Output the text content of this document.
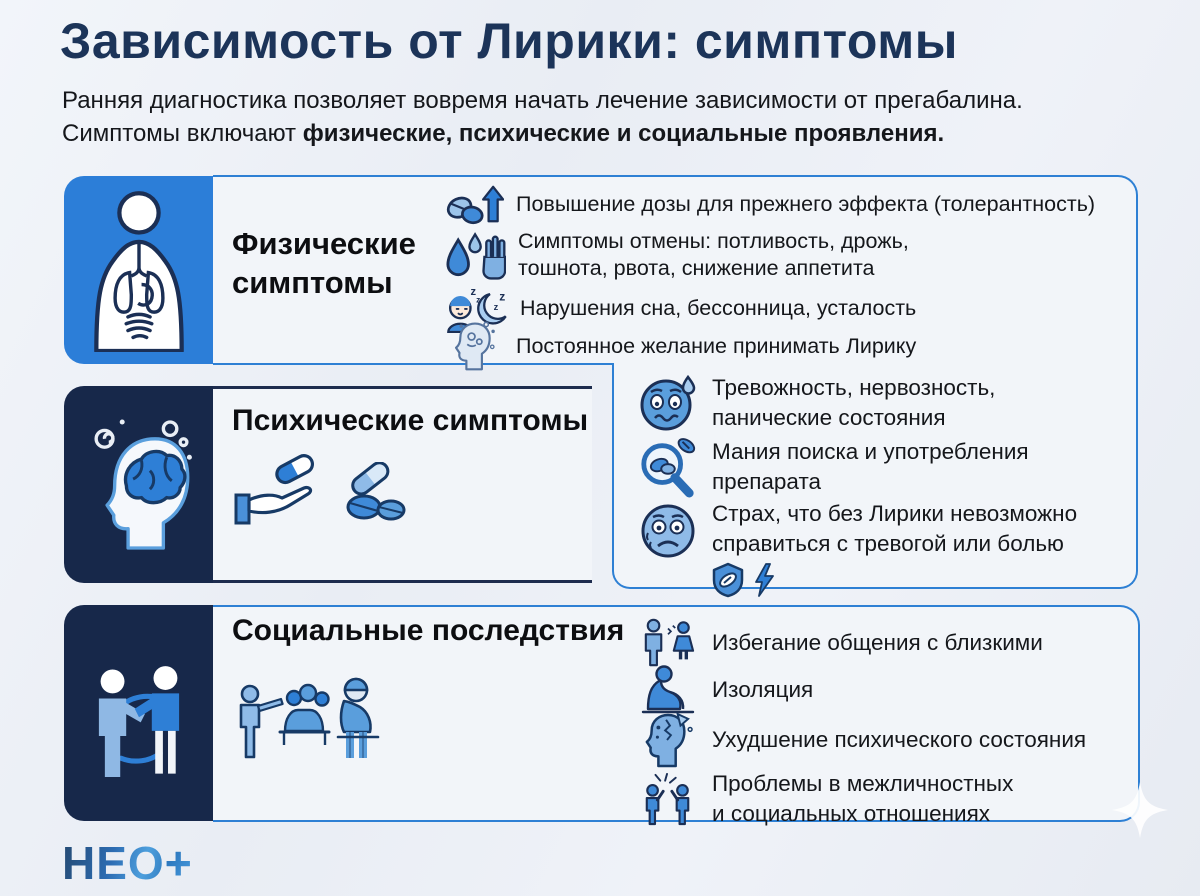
Зависимость от Лирики: симптомы
Ранняя диагностика позволяет вовремя начать лечение зависимости от прегабалина.
Симптомы включают физические, психические и социальные проявления.
Физические
симптомы
Повышение дозы для прежнего эффекта (толерантность)
Симптомы отмены: потливость, дрожь,
тошнота, рвота, снижение аппетита
z
z
z
z Нарушения сна, бессонница, усталость
Постоянное желание принимать Лирику
Психические симптомы
Тревожность, нервозность,
панические состояния
Мания поиска и употребления
препарата
Страх, что без Лирики невозможно
справиться с тревогой или болью
Социальные последствия	Избегание общения с близкими
Изоляция
Ухудшение психического состояния
Проблемы в межличностных
и социальных отношениях
НЕО+
